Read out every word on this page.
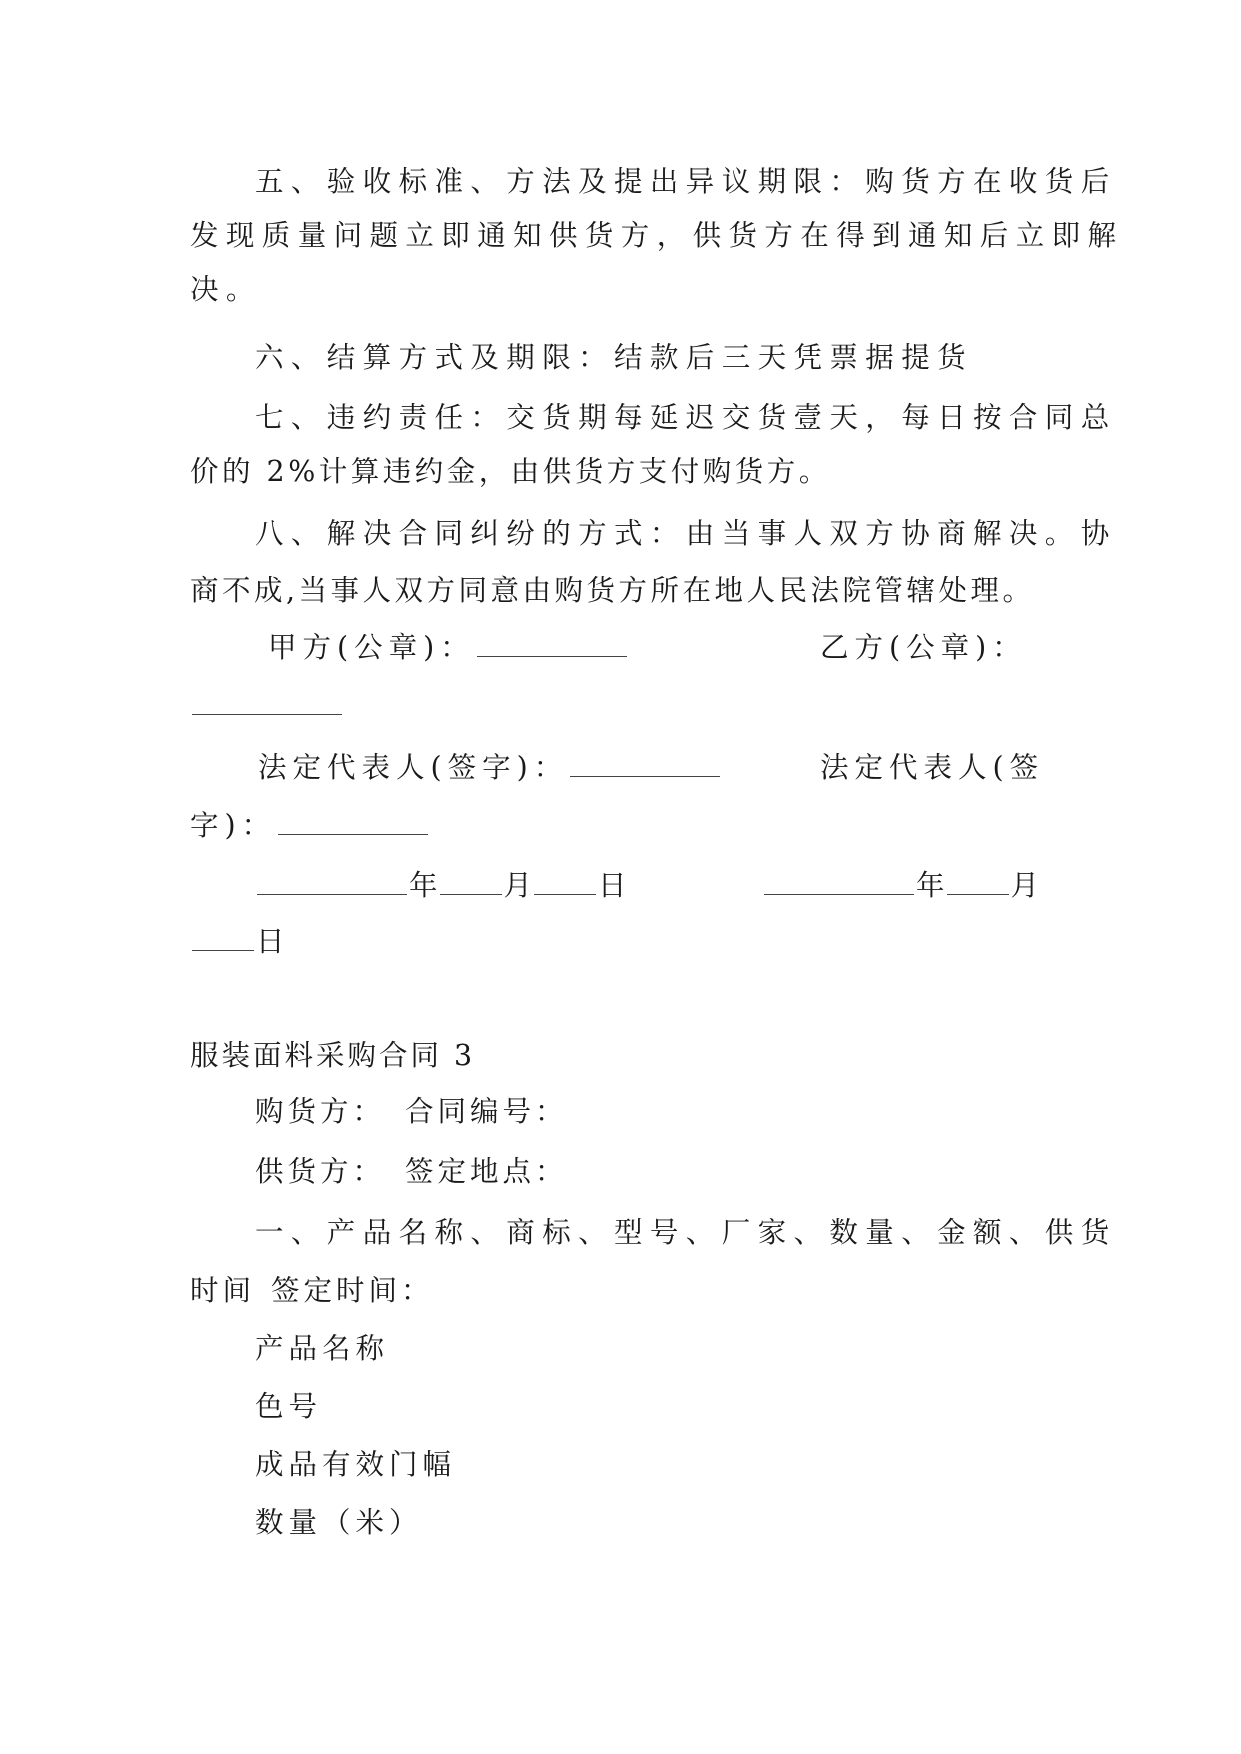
五、验收标准、方法及提出异议期限：购货方在收货后
发现质量问题立即通知供货方，供货方在得到通知后立即解
决。
六、结算方式及期限：结款后三天凭票据提货
七、违约责任：交货期每延迟交货壹天，每日按合同总
价的 2%计算违约金，由供货方支付购货方。
八、解决合同纠纷的方式：由当事人双方协商解决。协
商不成,当事人双方同意由购货方所在地人民法院管辖处理。
甲方(公章)：	乙方(公章)：
法定代表人(签字)：	法定代表人(签
字)：
年 月 日	年 月
日
服装面料采购合同 3
购货方： 合同编号：
供货方： 签定地点：
一、产品名称、商标、型号、厂家、数量、金额、供货
时间 签定时间：
产品名称
色号
成品有效门幅
数量（米）
